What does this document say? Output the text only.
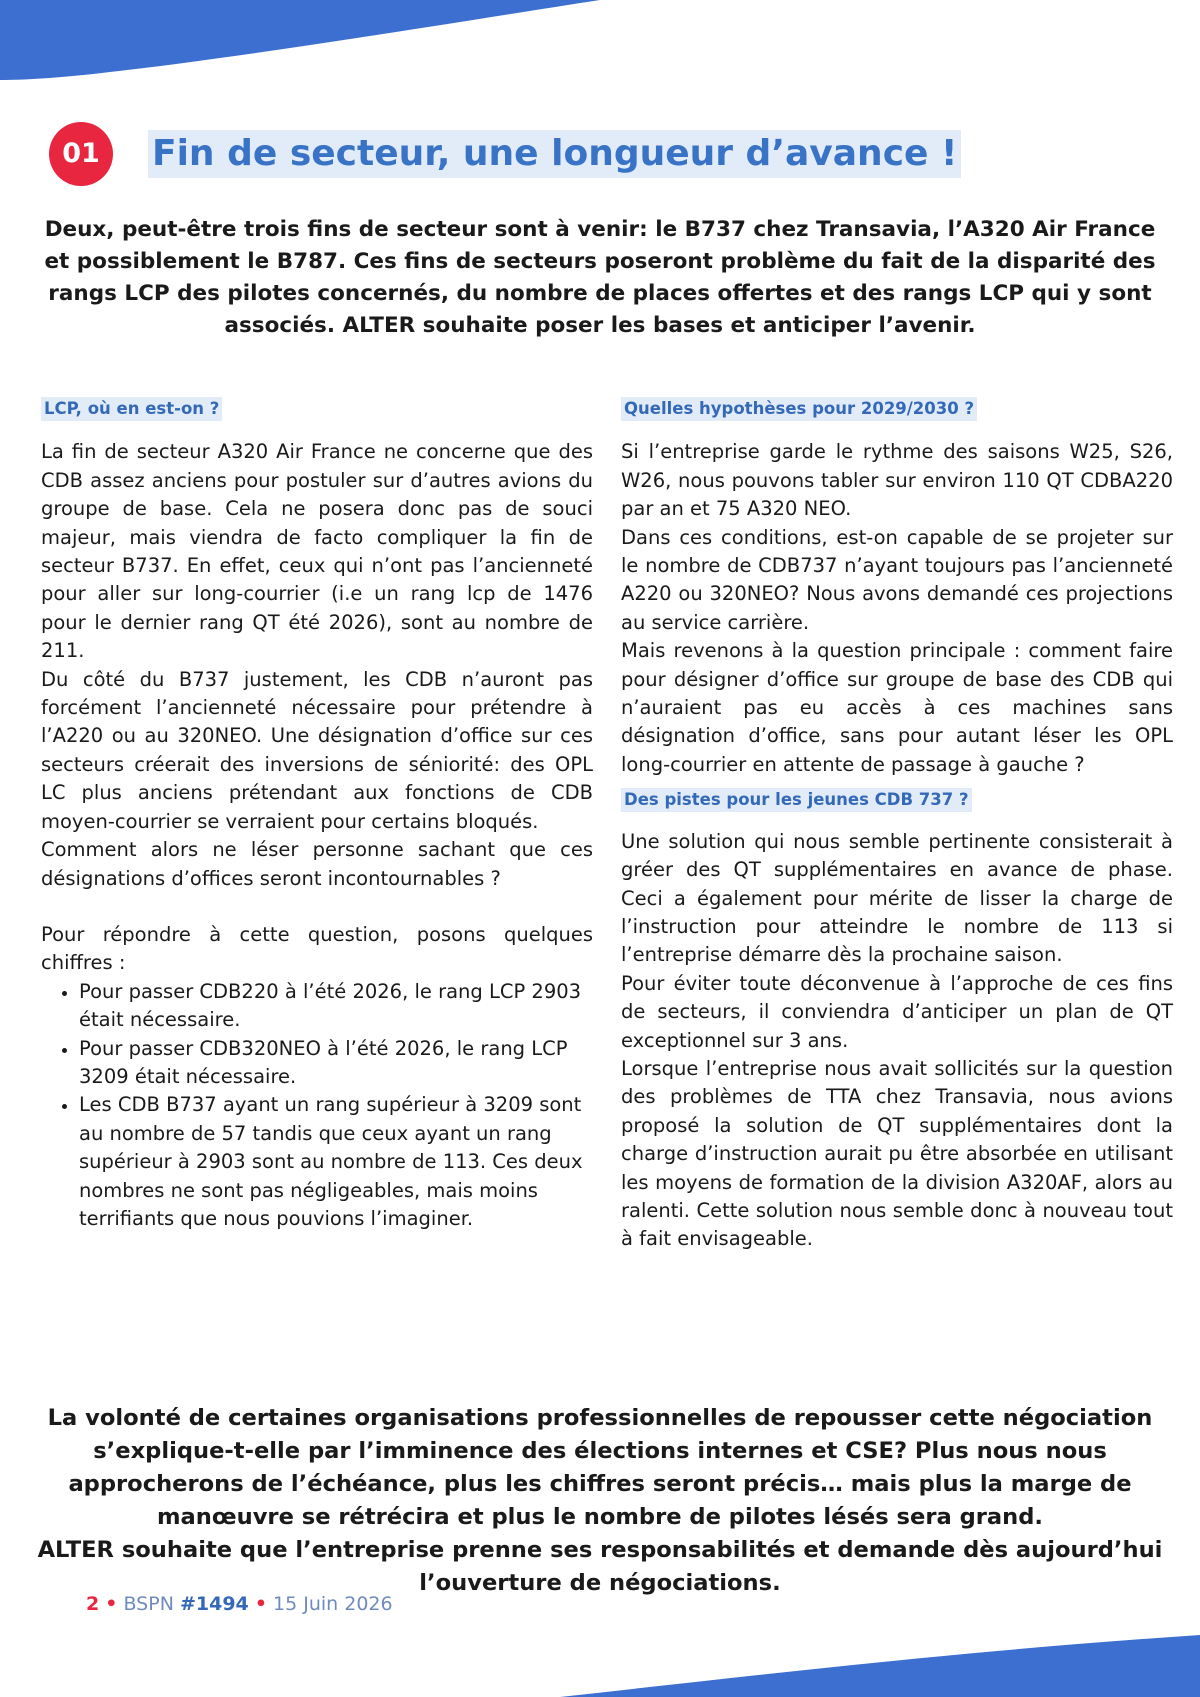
01	Fin de secteur, une longueur d’avance !

Deux, peut-être trois fins de secteur sont à venir: le B737 chez Transavia, l’A320 Air France et possiblement le B787. Ces fins de secteurs poseront problème du fait de la disparité des rangs LCP des pilotes concernés, du nombre de places offertes et des rangs LCP qui y sont associés. ALTER souhaite poser les bases et anticiper l’avenir.

LCP, où en est-on ?

La fin de secteur A320 Air France ne concerne que des CDB assez anciens pour postuler sur d’autres avions du groupe de base. Cela ne posera donc pas de souci majeur, mais viendra de facto compliquer la fin de secteur B737. En effet, ceux qui n’ont pas l’ancienneté pour aller sur long-courrier (i.e un rang lcp de 1476 pour le dernier rang QT été 2026), sont au nombre de 211.

Du côté du B737 justement, les CDB n’auront pas forcément l’ancienneté nécessaire pour prétendre à l’A220 ou au 320NEO. Une désignation d’office sur ces secteurs créerait des inversions de séniorité: des OPL LC plus anciens prétendant aux fonctions de CDB moyen-courrier se verraient pour certains bloqués.

Comment alors ne léser personne sachant que ces désignations d’offices seront incontournables ?

Pour répondre à cette question, posons quelques chiffres :

• Pour passer CDB220 à l’été 2026, le rang LCP 2903 était nécessaire.
• Pour passer CDB320NEO à l’été 2026, le rang LCP 3209 était nécessaire.
• Les CDB B737 ayant un rang supérieur à 3209 sont au nombre de 57 tandis que ceux ayant un rang supérieur à 2903 sont au nombre de 113. Ces deux nombres ne sont pas négligeables, mais moins terrifiants que nous pouvions l’imaginer.
Quelles hypothèses pour 2029/2030 ?

Si l’entreprise garde le rythme des saisons W25, S26, W26, nous pouvons tabler sur environ 110 QT CDBA220 par an et 75 A320 NEO.

Dans ces conditions, est-on capable de se projeter sur le nombre de CDB737 n’ayant toujours pas l’ancienneté A220 ou 320NEO? Nous avons demandé ces projections au service carrière.

Mais revenons à la question principale : comment faire pour désigner d’office sur groupe de base des CDB qui n’auraient pas eu accès à ces machines sans désignation d’office, sans pour autant léser les OPL long-courrier en attente de passage à gauche ?

Des pistes pour les jeunes CDB 737 ?

Une solution qui nous semble pertinente consisterait à gréer des QT supplémentaires en avance de phase. Ceci a également pour mérite de lisser la charge de l’instruction pour atteindre le nombre de 113 si l’entreprise démarre dès la prochaine saison.

Pour éviter toute déconvenue à l’approche de ces fins de secteurs, il conviendra d’anticiper un plan de QT exceptionnel sur 3 ans.

Lorsque l’entreprise nous avait sollicités sur la question des problèmes de TTA chez Transavia, nous avions proposé la solution de QT supplémentaires dont la charge d’instruction aurait pu être absorbée en utilisant les moyens de formation de la division A320AF, alors au ralenti. Cette solution nous semble donc à nouveau tout à fait envisageable.

La volonté de certaines organisations professionnelles de repousser cette négociation s’explique-t-elle par l’imminence des élections internes et CSE? Plus nous nous approcherons de l’échéance, plus les chiffres seront précis… mais plus la marge de manœuvre se rétrécira et plus le nombre de pilotes lésés sera grand.
ALTER souhaite que l’entreprise prenne ses responsabilités et demande dès aujourd’hui l’ouverture de négociations.
2 • BSPN #1494 • 15 Juin 2026
